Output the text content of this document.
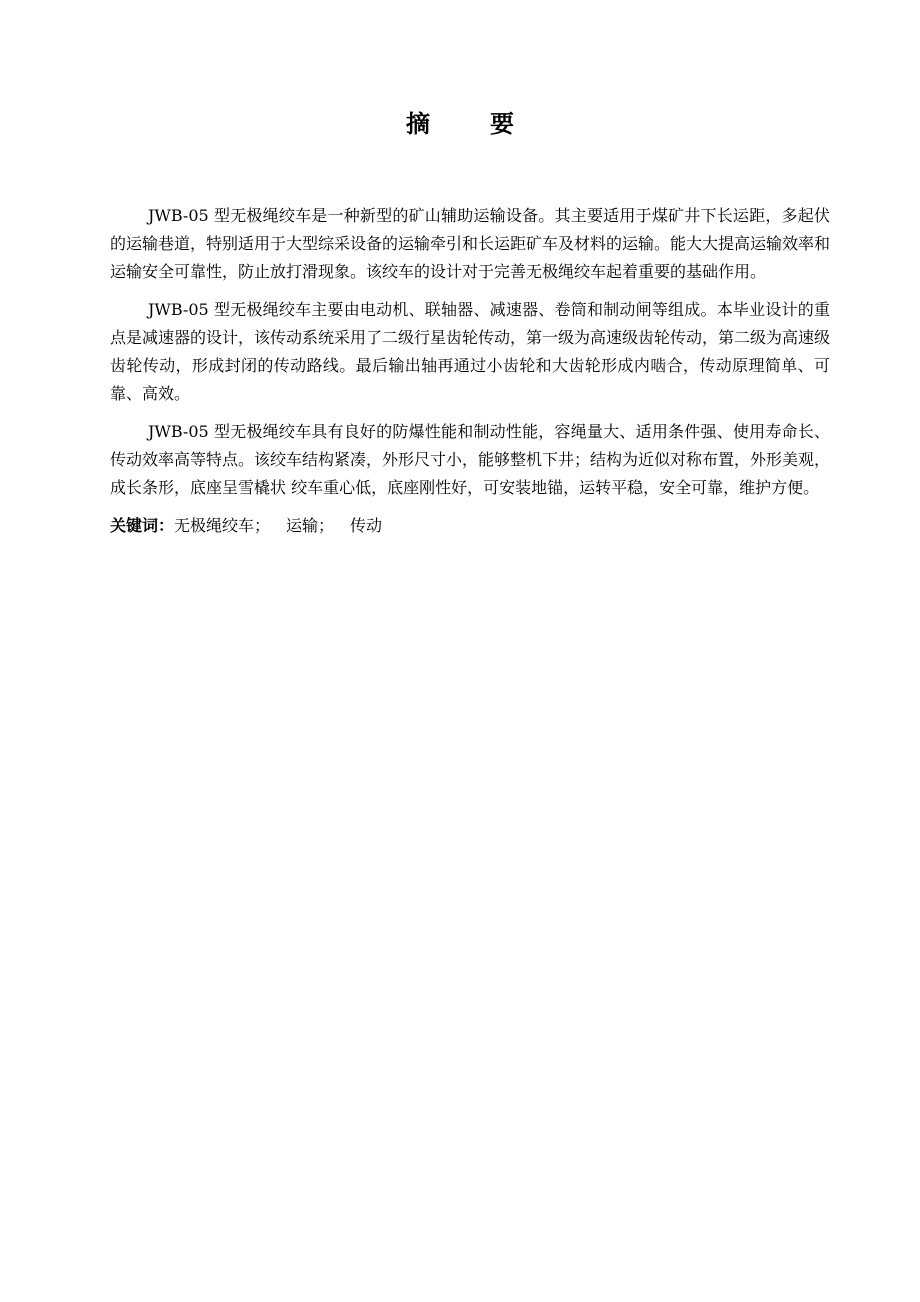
摘　要

JWB-05 型无极绳绞车是一种新型的矿山辅助运输设备。其主要适用于煤矿井下长运距，多起伏的运输巷道，特别适用于大型综采设备的运输牵引和长运距矿车及材料的运输。能大大提高运输效率和运输安全可靠性，防止放打滑现象。该绞车的设计对于完善无极绳绞车起着重要的基础作用。

JWB-05 型无极绳绞车主要由电动机、联轴器、减速器、卷筒和制动闸等组成。本毕业设计的重点是减速器的设计，该传动系统采用了二级行星齿轮传动，第一级为高速级齿轮传动，第二级为高速级齿轮传动，形成封闭的传动路线。最后输出轴再通过小齿轮和大齿轮形成内啮合，传动原理简单、可靠、高效。

JWB-05 型无极绳绞车具有良好的防爆性能和制动性能，容绳量大、适用条件强、使用寿命长、传动效率高等特点。该绞车结构紧凑，外形尺寸小，能够整机下井；结构为近似对称布置，外形美观，成长条形，底座呈雪橇状 绞车重心低，底座刚性好，可安装地锚，运转平稳，安全可靠，维护方便。

关键词：无极绳绞车； 运输； 传动
